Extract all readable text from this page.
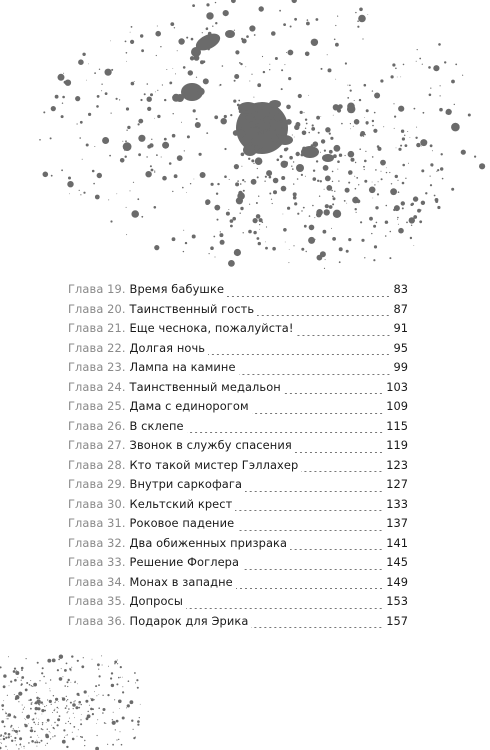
Глава 19. Время бабушке	83
Глава 20. Таинственный гость	87
Глава 21. Еще чеснока, пожалуйста!	91
Глава 22. Долгая ночь	95
Глава 23. Лампа на камине	99
Глава 24. Таинственный медальон	103
Глава 25. Дама с единорогом	109
Глава 26. В склепе	115
Глава 27. Звонок в службу спасения	119
Глава 28. Кто такой мистер Гэллахер	123
Глава 29. Внутри саркофага	127
Глава 30. Кельтский крест	133
Глава 31. Роковое падение	137
Глава 32. Два обиженных призрака	141
Глава 33. Решение Фоглера	145
Глава 34. Монах в западне	149
Глава 35. Допросы	153
Глава 36. Подарок для Эрика	157
